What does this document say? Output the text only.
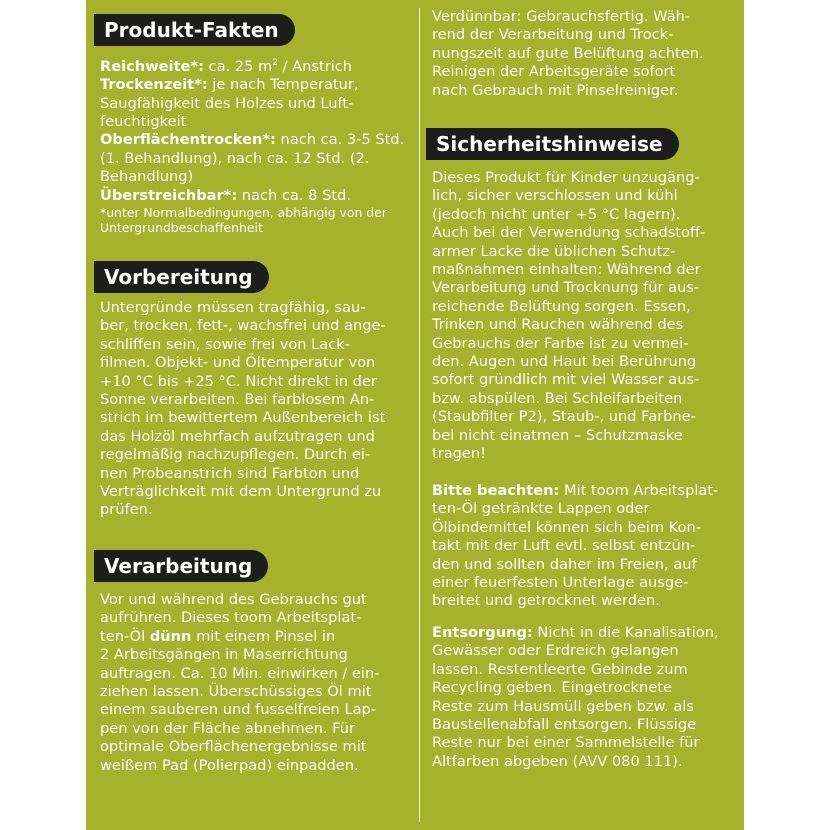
Produkt-Fakten
Reichweite*: ca. 25 $m^2$ / Anstrich
Trockenzeit*: je nach Temperatur, Saugfähigkeit des Holzes und Luftfeuchtigkeit
Oberflächentrocken*: nach ca. 3-5 Std. (1. Behandlung), nach ca. 12 Std. (2. Behandlung)
Überstreichbar*: nach ca. 8 Std.
*unter Normalbedingungen, abhängig von der Untergrundbeschaffenheit
Vorbereitung
Untergründe müssen tragfähig, sau-
ber, trocken, fett-, wachsfrei und ange-
schliffen sein, sowie frei von Lack-
filmen. Objekt- und Öltemperatur von
+10 °C bis +25 °C. Nicht direkt in der
Sonne verarbeiten. Bei farblosem An-
strich im bewittertem Außenbereich ist
das Holzöl mehrfach aufzutragen und
regelmäßig nachzupflegen. Durch ei-
nen Probeanstrich sind Farbton und
Verträglichkeit mit dem Untergrund zu
prüfen.
Verarbeitung
Vor und während des Gebrauchs gut
aufrühren. Dieses toom Arbeitsplat-
ten-Öl dünn mit einem Pinsel in
2 Arbeitsgängen in Maserrichtung
auftragen. Ca. 10 Min. einwirken / ein-
ziehen lassen. Überschüssiges Öl mit
einem sauberen und fusselfreien Lap-
pen von der Fläche abnehmen. Für
optimale Oberflächenergebnisse mit
weißem Pad (Polierpad) einpadden.
Verdünnbar: Gebrauchsfertig. Wäh-
rend der Verarbeitung und Trock-
nungszeit auf gute Belüftung achten.
Reinigen der Arbeitsgeräte sofort
nach Gebrauch mit Pinselreiniger.
Sicherheitshinweise
Dieses Produkt für Kinder unzugäng-
lich, sicher verschlossen und kühl
(jedoch nicht unter +5 °C lagern).
Auch bei der Verwendung schadstoff-
armer Lacke die üblichen Schutz-
maßnahmen einhalten: Während der
Verarbeitung und Trocknung für aus-
reichende Belüftung sorgen. Essen,
Trinken und Rauchen während des
Gebrauchs der Farbe ist zu vermei-
den. Augen und Haut bei Berührung
sofort gründlich mit viel Wasser aus-
bzw. abspülen. Bei Schleifarbeiten
(Staubfilter P2), Staub-, und Farbne-
bel nicht einatmen – Schutzmaske
tragen!
Bitte beachten: Mit toom Arbeitsplat-
ten-Öl getränkte Lappen oder
Ölbindemittel können sich beim Kon-
takt mit der Luft evtl. selbst entzün-
den und sollten daher im Freien, auf
einer feuerfesten Unterlage ausge-
breitet und getrocknet werden.
Entsorgung: Nicht in die Kanalisation,
Gewässer oder Erdreich gelangen
lassen. Restentleerte Gebinde zum
Recycling geben. Eingetrocknete
Reste zum Hausmüll geben bzw. als
Baustellenabfall entsorgen. Flüssige
Reste nur bei einer Sammelstelle für
Altfarben abgeben (AVV 080 111).
